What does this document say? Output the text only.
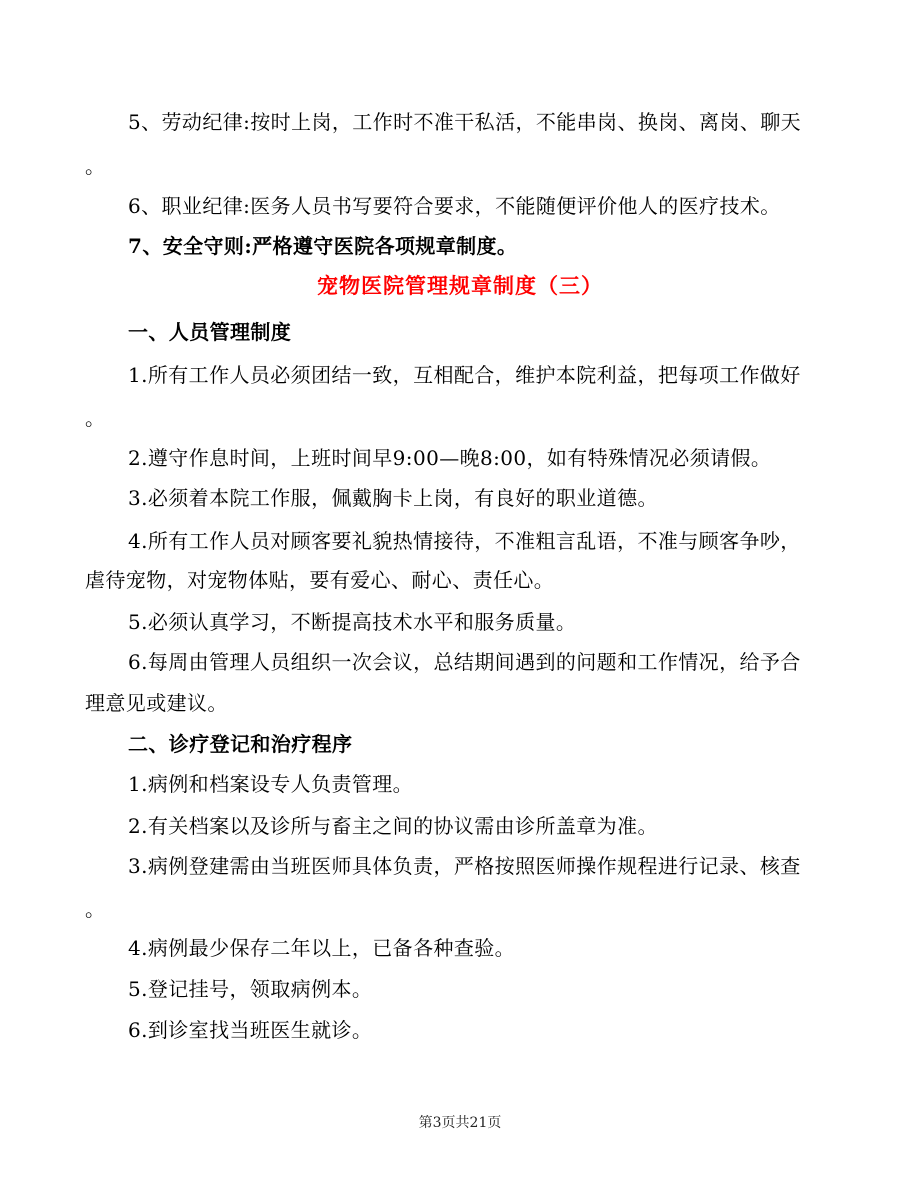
5、劳动纪律:按时上岗，工作时不准干私活，不能串岗、换岗、离岗、聊天
。
6、职业纪律:医务人员书写要符合要求，不能随便评价他人的医疗技术。
7、安全守则:严格遵守医院各项规章制度。
宠物医院管理规章制度（三）
一、人员管理制度
1.所有工作人员必须团结一致，互相配合，维护本院利益，把每项工作做好
。
2.遵守作息时间，上班时间早9:00—晚8:00，如有特殊情况必须请假。
3.必须着本院工作服，佩戴胸卡上岗，有良好的职业道德。
4.所有工作人员对顾客要礼貌热情接待，不准粗言乱语，不准与顾客争吵，
虐待宠物，对宠物体贴，要有爱心、耐心、责任心。
5.必须认真学习，不断提高技术水平和服务质量。
6.每周由管理人员组织一次会议，总结期间遇到的问题和工作情况，给予合
理意见或建议。
二、诊疗登记和治疗程序
1.病例和档案设专人负责管理。
2.有关档案以及诊所与畜主之间的协议需由诊所盖章为准。
3.病例登建需由当班医师具体负责，严格按照医师操作规程进行记录、核查
。
4.病例最少保存二年以上，已备各种查验。
5.登记挂号，领取病例本。
6.到诊室找当班医生就诊。
第3页共21页
